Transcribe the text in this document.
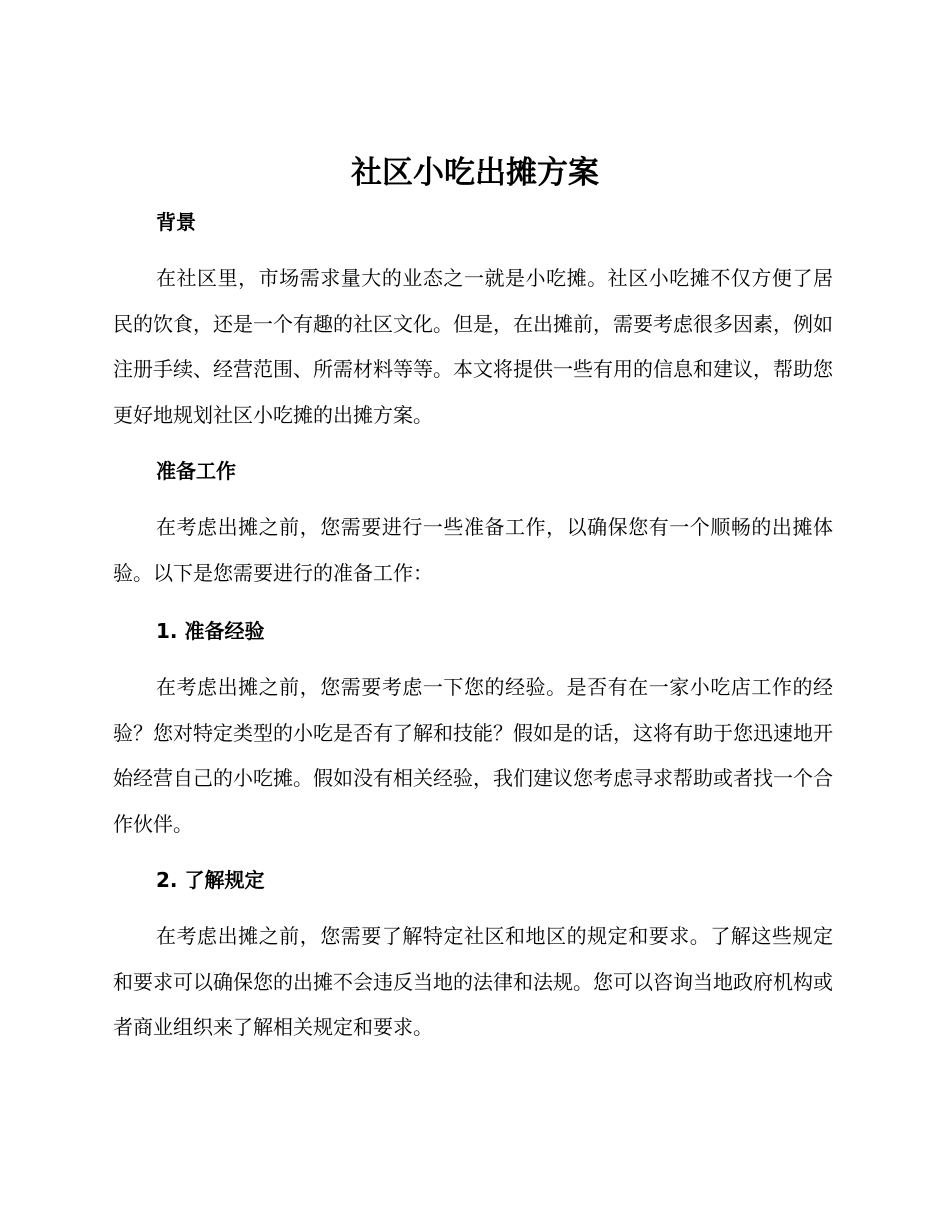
社区小吃出摊方案
背景

在社区里，市场需求量大的业态之一就是小吃摊。社区小吃摊不仅方便了居民的饮食，还是一个有趣的社区文化。但是，在出摊前，需要考虑很多因素，例如注册手续、经营范围、所需材料等等。本文将提供一些有用的信息和建议，帮助您更好地规划社区小吃摊的出摊方案。

准备工作

在考虑出摊之前，您需要进行一些准备工作，以确保您有一个顺畅的出摊体验。以下是您需要进行的准备工作：

1. 准备经验

在考虑出摊之前，您需要考虑一下您的经验。是否有在一家小吃店工作的经验？您对特定类型的小吃是否有了解和技能？假如是的话，这将有助于您迅速地开始经营自己的小吃摊。假如没有相关经验，我们建议您考虑寻求帮助或者找一个合作伙伴。

2. 了解规定

在考虑出摊之前，您需要了解特定社区和地区的规定和要求。了解这些规定和要求可以确保您的出摊不会违反当地的法律和法规。您可以咨询当地政府机构或者商业组织来了解相关规定和要求。
